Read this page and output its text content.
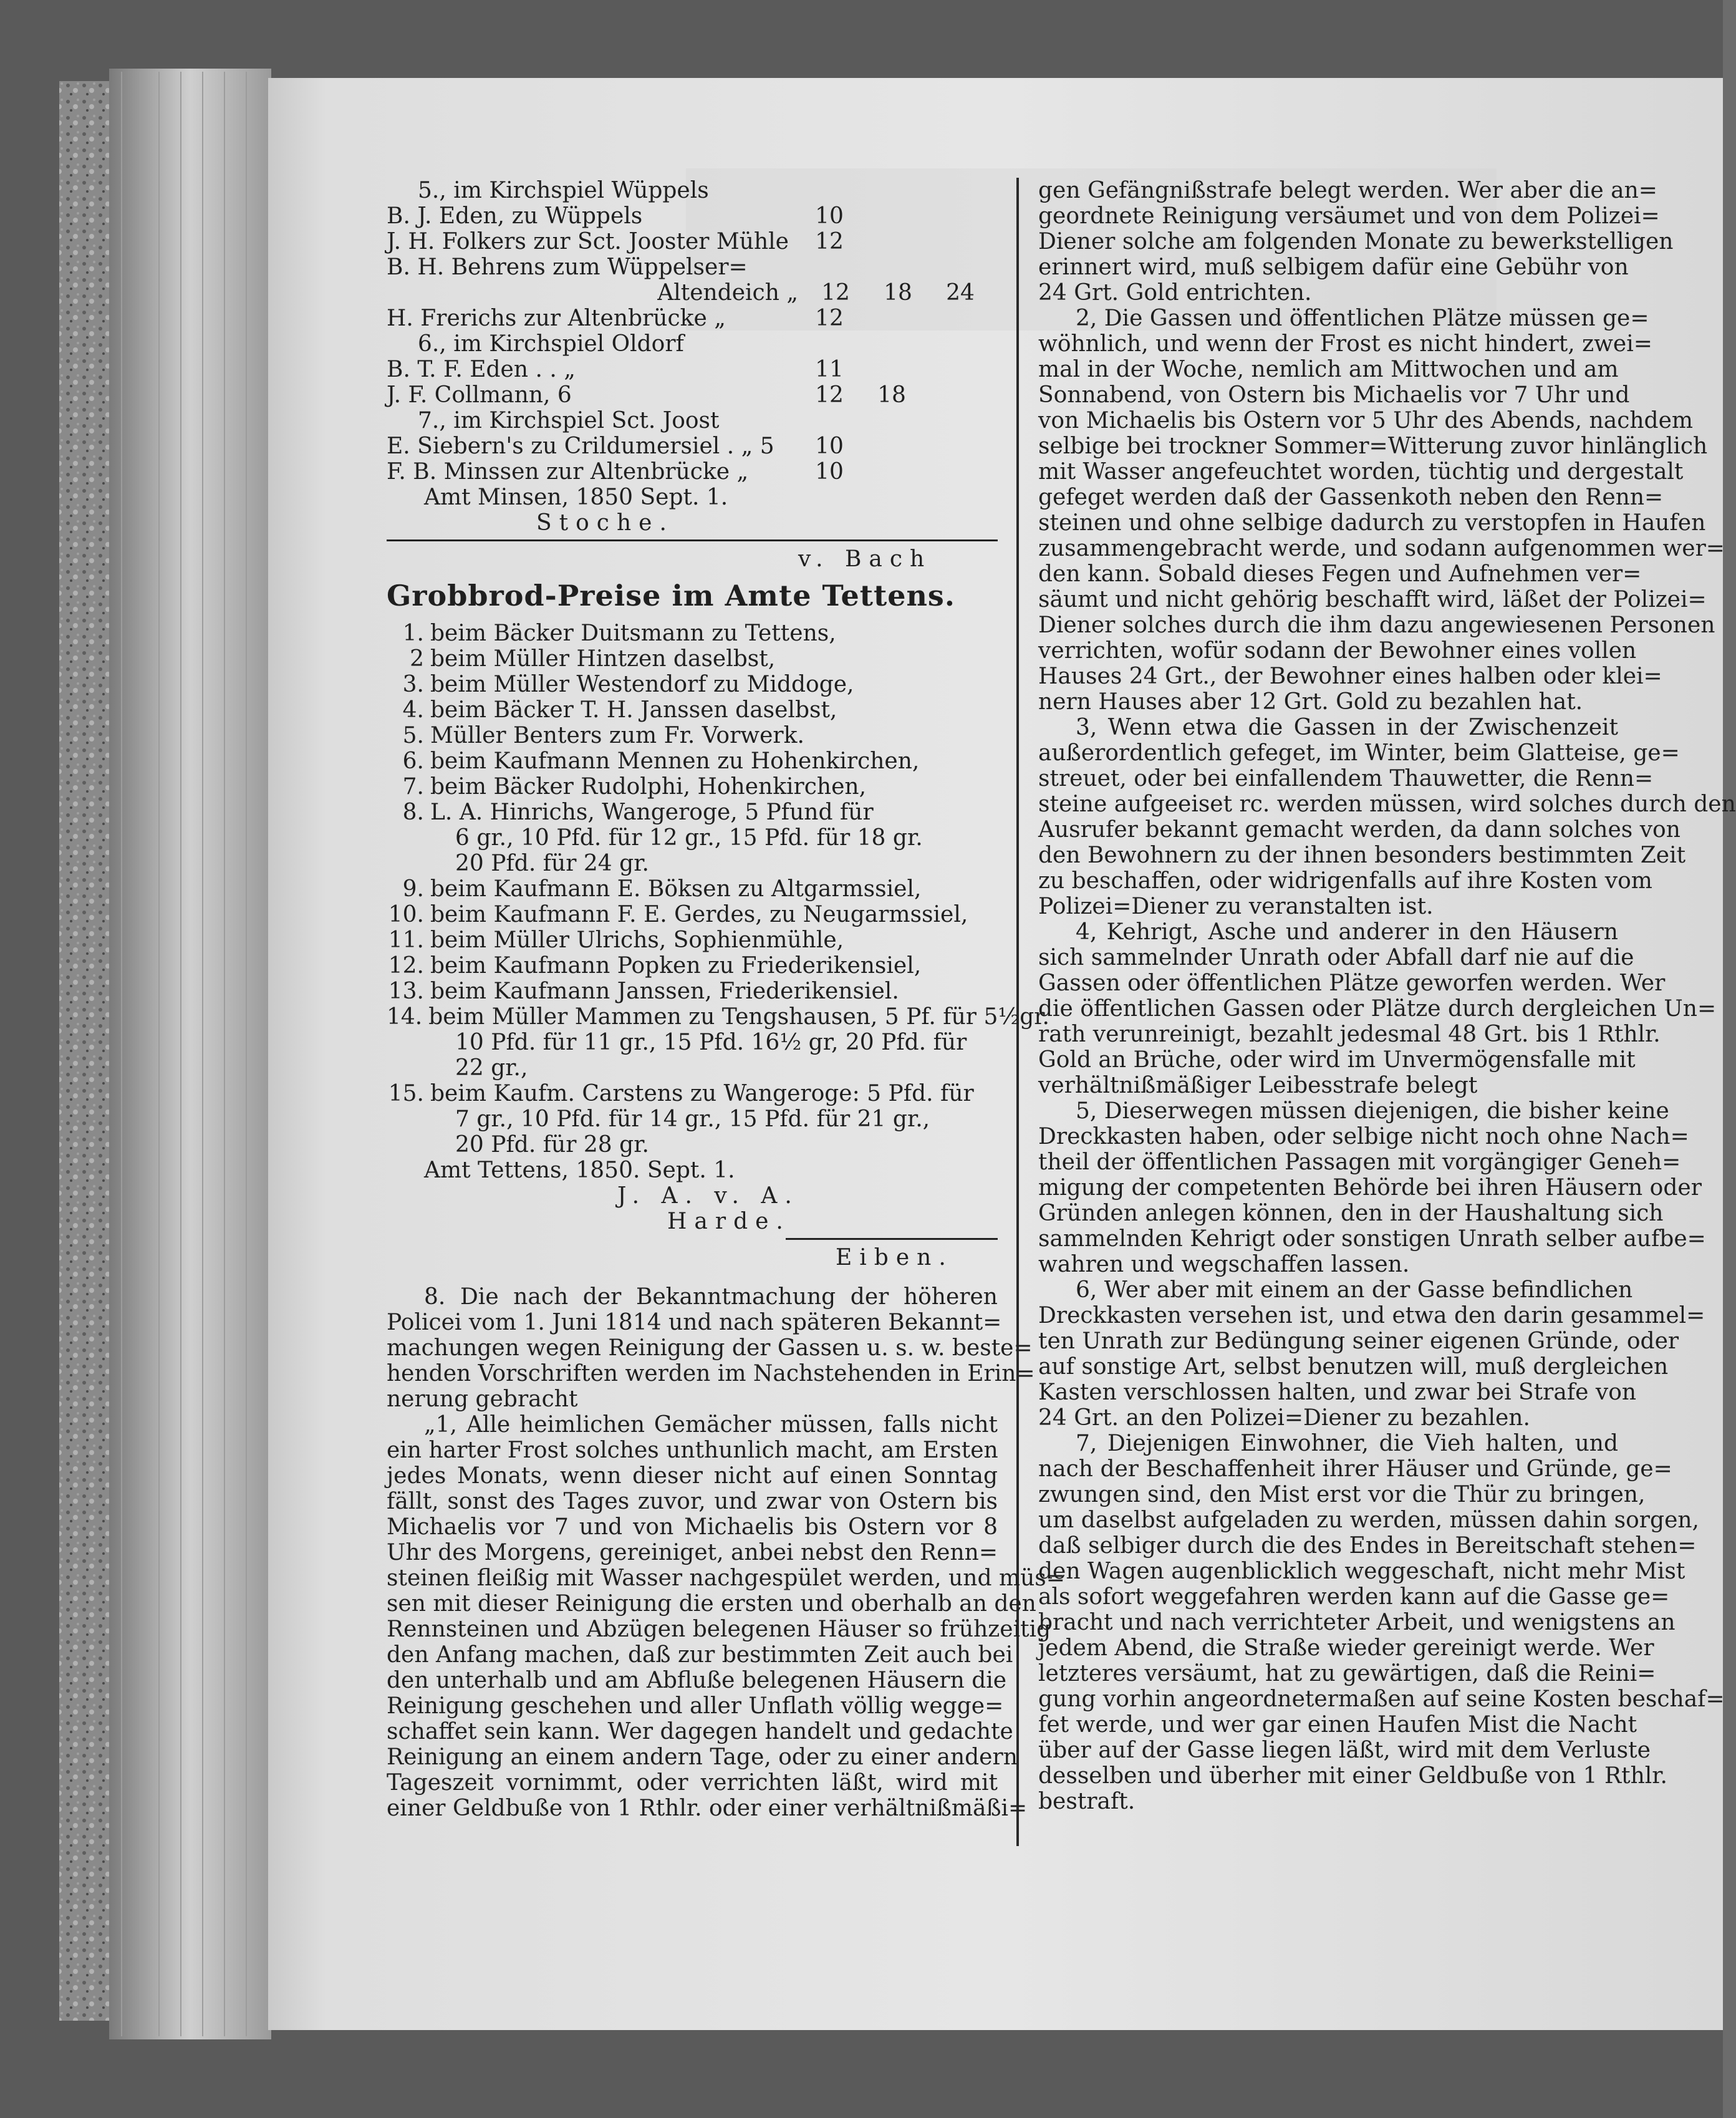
5., im Kirchspiel Wüppels
B. J. Eden, zu Wüppels	10
J. H. Folkers zur Sct. Jooster Mühle	12
B. H. Behrens zum Wüppelser=
Altendeich „	12	18	24
H. Frerichs zur Altenbrücke „	12
6., im Kirchspiel Oldorf
B. T. F. Eden . . „	11
J. F. Collmann, 6	12	18
7., im Kirchspiel Sct. Joost
E. Siebern's zu Crildumersiel . „ 5	10
F. B. Minssen zur Altenbrücke „	10
Amt Minsen, 1850 Sept. 1.
Stoche.
v. Bach
Grobbrod-Preise im Amte Tettens.
1. beim Bäcker Duitsmann zu Tettens,
2 beim Müller Hintzen daselbst,
3. beim Müller Westendorf zu Middoge,
4. beim Bäcker T. H. Janssen daselbst,
5. Müller Benters zum Fr. Vorwerk.
6. beim Kaufmann Mennen zu Hohenkirchen,
7. beim Bäcker Rudolphi, Hohenkirchen,
8. L. A. Hinrichs, Wangeroge, 5 Pfund für
6 gr., 10 Pfd. für 12 gr., 15 Pfd. für 18 gr.
20 Pfd. für 24 gr.
9. beim Kaufmann E. Böksen zu Altgarmssiel,
10. beim Kaufmann F. E. Gerdes, zu Neugarmssiel,
11. beim Müller Ulrichs, Sophienmühle,
12. beim Kaufmann Popken zu Friederikensiel,
13. beim Kaufmann Janssen, Friederikensiel.
14. beim Müller Mammen zu Tengshausen, 5 Pf. für 5½gr.
10 Pfd. für 11 gr., 15 Pfd. 16½ gr, 20 Pfd. für
22 gr.,
15. beim Kaufm. Carstens zu Wangeroge: 5 Pfd. für
7 gr., 10 Pfd. für 14 gr., 15 Pfd. für 21 gr.,
20 Pfd. für 28 gr.
Amt Tettens, 1850. Sept. 1.
J. A. v. A.
Harde.
Eiben.
8. Die nach der Bekanntmachung der höheren
Policei vom 1. Juni 1814 und nach späteren Bekannt=
machungen wegen Reinigung der Gassen u. s. w. beste=
henden Vorschriften werden im Nachstehenden in Erin=
nerung gebracht
„1, Alle heimlichen Gemächer müssen, falls nicht
ein harter Frost solches unthunlich macht, am Ersten
jedes Monats, wenn dieser nicht auf einen Sonntag
fällt, sonst des Tages zuvor, und zwar von Ostern bis
Michaelis vor 7 und von Michaelis bis Ostern vor 8
Uhr des Morgens, gereiniget, anbei nebst den Renn=
steinen fleißig mit Wasser nachgespület werden, und müs=
sen mit dieser Reinigung die ersten und oberhalb an den
Rennsteinen und Abzügen belegenen Häuser so frühzeitig
den Anfang machen, daß zur bestimmten Zeit auch bei
den unterhalb und am Abfluße belegenen Häusern die
Reinigung geschehen und aller Unflath völlig wegge=
schaffet sein kann. Wer dagegen handelt und gedachte
Reinigung an einem andern Tage, oder zu einer andern
Tageszeit vornimmt, oder verrichten läßt, wird mit
einer Geldbuße von 1 Rthlr. oder einer verhältnißmäßi=
gen Gefängnißstrafe belegt werden. Wer aber die an=
geordnete Reinigung versäumet und von dem Polizei=
Diener solche am folgenden Monate zu bewerkstelligen
erinnert wird, muß selbigem dafür eine Gebühr von
24 Grt. Gold entrichten.
2, Die Gassen und öffentlichen Plätze müssen ge=
wöhnlich, und wenn der Frost es nicht hindert, zwei=
mal in der Woche, nemlich am Mittwochen und am
Sonnabend, von Ostern bis Michaelis vor 7 Uhr und
von Michaelis bis Ostern vor 5 Uhr des Abends, nachdem
selbige bei trockner Sommer=Witterung zuvor hinlänglich
mit Wasser angefeuchtet worden, tüchtig und dergestalt
gefeget werden daß der Gassenkoth neben den Renn=
steinen und ohne selbige dadurch zu verstopfen in Haufen
zusammengebracht werde, und sodann aufgenommen wer=
den kann. Sobald dieses Fegen und Aufnehmen ver=
säumt und nicht gehörig beschafft wird, läßet der Polizei=
Diener solches durch die ihm dazu angewiesenen Personen
verrichten, wofür sodann der Bewohner eines vollen
Hauses 24 Grt., der Bewohner eines halben oder klei=
nern Hauses aber 12 Grt. Gold zu bezahlen hat.
3, Wenn etwa die Gassen in der Zwischenzeit
außerordentlich gefeget, im Winter, beim Glatteise, ge=
streuet, oder bei einfallendem Thauwetter, die Renn=
steine aufgeeiset rc. werden müssen, wird solches durch den
Ausrufer bekannt gemacht werden, da dann solches von
den Bewohnern zu der ihnen besonders bestimmten Zeit
zu beschaffen, oder widrigenfalls auf ihre Kosten vom
Polizei=Diener zu veranstalten ist.
4, Kehrigt, Asche und anderer in den Häusern
sich sammelnder Unrath oder Abfall darf nie auf die
Gassen oder öffentlichen Plätze geworfen werden. Wer
die öffentlichen Gassen oder Plätze durch dergleichen Un=
rath verunreinigt, bezahlt jedesmal 48 Grt. bis 1 Rthlr.
Gold an Brüche, oder wird im Unvermögensfalle mit
verhältnißmäßiger Leibesstrafe belegt
5, Dieserwegen müssen diejenigen, die bisher keine
Dreckkasten haben, oder selbige nicht noch ohne Nach=
theil der öffentlichen Passagen mit vorgängiger Geneh=
migung der competenten Behörde bei ihren Häusern oder
Gründen anlegen können, den in der Haushaltung sich
sammelnden Kehrigt oder sonstigen Unrath selber aufbe=
wahren und wegschaffen lassen.
6, Wer aber mit einem an der Gasse befindlichen
Dreckkasten versehen ist, und etwa den darin gesammel=
ten Unrath zur Bedüngung seiner eigenen Gründe, oder
auf sonstige Art, selbst benutzen will, muß dergleichen
Kasten verschlossen halten, und zwar bei Strafe von
24 Grt. an den Polizei=Diener zu bezahlen.
7, Diejenigen Einwohner, die Vieh halten, und
nach der Beschaffenheit ihrer Häuser und Gründe, ge=
zwungen sind, den Mist erst vor die Thür zu bringen,
um daselbst aufgeladen zu werden, müssen dahin sorgen,
daß selbiger durch die des Endes in Bereitschaft stehen=
den Wagen augenblicklich weggeschaft, nicht mehr Mist
als sofort weggefahren werden kann auf die Gasse ge=
bracht und nach verrichteter Arbeit, und wenigstens an
jedem Abend, die Straße wieder gereinigt werde. Wer
letzteres versäumt, hat zu gewärtigen, daß die Reini=
gung vorhin angeordnetermaßen auf seine Kosten beschaf=
fet werde, und wer gar einen Haufen Mist die Nacht
über auf der Gasse liegen läßt, wird mit dem Verluste
desselben und überher mit einer Geldbuße von 1 Rthlr.
bestraft.
